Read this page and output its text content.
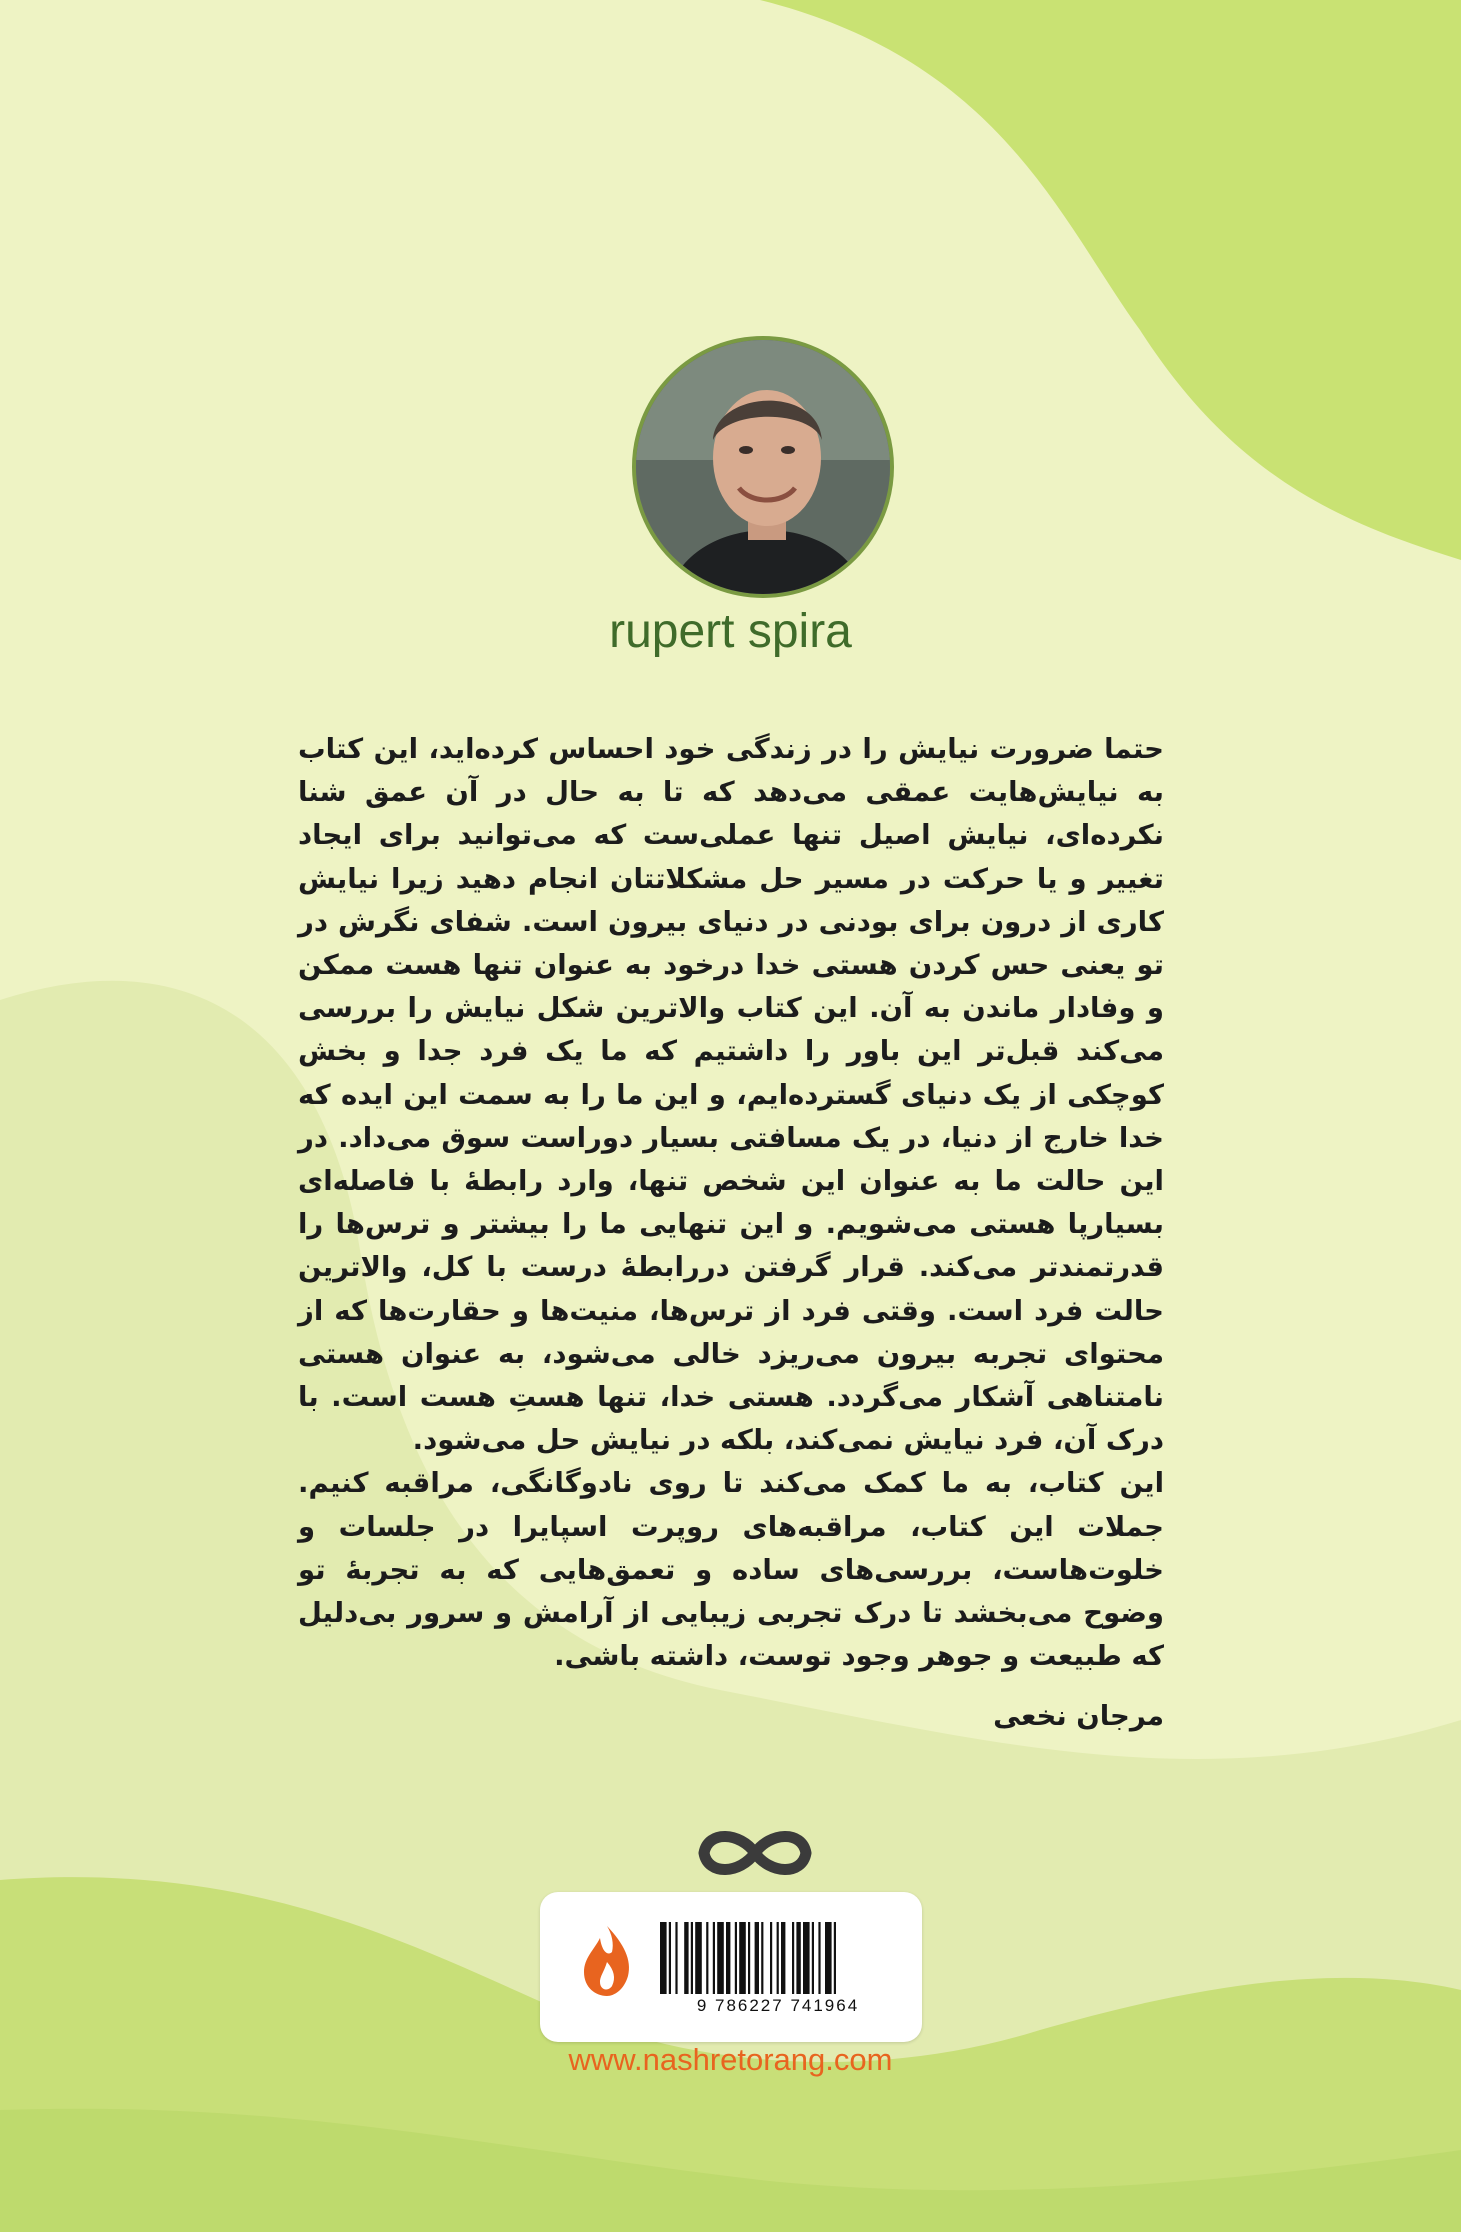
rupert spira

حتما ضرورت نیایش را در زندگی خود احساس کرده‌اید، این کتاب به نیایش‌هایت عمقی می‌دهد که تا به حال در آن عمق شنا نکرده‌ای، نیایش اصیل تنها عملی‌ست که می‌توانید برای ایجاد تغییر و یا حرکت در مسیر حل مشکلاتتان انجام دهید زیرا نیایش کاری از درون برای بودنی در دنیای بیرون است. شفای نگرش در تو یعنی حس کردن هستی خدا درخود به عنوان تنها هست ممکن و وفادار ماندن به آن. این کتاب والاترین شکل نیایش را بررسی می‌کند قبل‌تر این باور را داشتیم که ما یک فرد جدا و بخش کوچکی از یک دنیای گسترده‌ایم، و این ما را به سمت این ایده که خدا خارج از دنیا، در یک مسافتی بسیار دوراست سوق می‌داد. در این حالت ما به عنوان این شخص تنها، وارد رابطهٔ با فاصله‌ای بسیارپا هستی می‌شویم. و این تنهایی ما را بیشتر و ترس‌ها را قدرتمندتر می‌کند. قرار گرفتن دررابطهٔ درست با کل، والاترین حالت فرد است. وقتی فرد از ترس‌ها، منیت‌ها و حقارت‌ها که از محتوای تجربه بیرون می‌ریزد خالی می‌شود، به عنوان هستی نامتناهی آشکار می‌گردد. هستی خدا، تنها هستِ هست است. با درک آن، فرد نیایش نمی‌کند، بلکه در نیایش حل می‌شود.

این کتاب، به ما کمک می‌کند تا روی نادوگانگی، مراقبه کنیم. جملات این کتاب، مراقبه‌های روپرت اسپایرا در جلسات و خلوت‌هاست، بررسی‌های ساده و تعمق‌هایی که به تجربهٔ تو وضوح می‌بخشد تا درک تجربی زیبایی از آرامش و سرور بی‌دلیل که طبیعت و جوهر وجود توست، داشته باشی.

مرجان نخعی
9 786227 741964
www.nashretorang.com
